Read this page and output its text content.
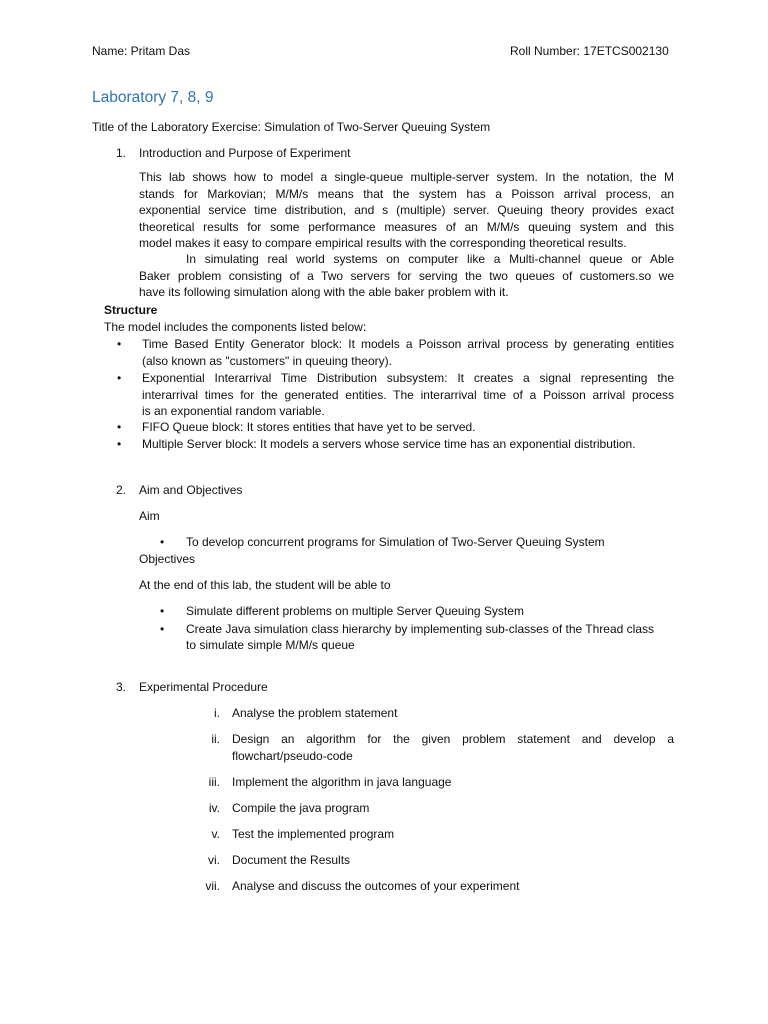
Name: Pritam Das	Roll Number: 17ETCS002130
Laboratory 7, 8, 9
Title of the Laboratory Exercise: Simulation of Two-Server Queuing System
1. Introduction and Purpose of Experiment
This lab shows how to model a single-queue multiple-server system. In the notation, the M
stands for Markovian; M/M/s means that the system has a Poisson arrival process, an
exponential service time distribution, and s (multiple) server. Queuing theory provides exact
theoretical results for some performance measures of an M/M/s queuing system and this
model makes it easy to compare empirical results with the corresponding theoretical results.
In simulating real world systems on computer like a Multi-channel queue or Able
Baker problem consisting of a Two servers for serving the two queues of customers.so we
have its following simulation along with the able baker problem with it.
Structure
The model includes the components listed below:
• Time Based Entity Generator block: It models a Poisson arrival process by generating entities
(also known as "customers" in queuing theory).
• Exponential Interarrival Time Distribution subsystem: It creates a signal representing the
interarrival times for the generated entities. The interarrival time of a Poisson arrival process
is an exponential random variable.
• FIFO Queue block: It stores entities that have yet to be served.
• Multiple Server block: It models a servers whose service time has an exponential distribution.
2. Aim and Objectives
Aim
• To develop concurrent programs for Simulation of Two-Server Queuing System
Objectives
At the end of this lab, the student will be able to
• Simulate different problems on multiple Server Queuing System
• Create Java simulation class hierarchy by implementing sub-classes of the Thread class
to simulate simple M/M/s queue
3. Experimental Procedure
i. Analyse the problem statement
ii. Design an algorithm for the given problem statement and develop a
flowchart/pseudo-code
iii. Implement the algorithm in java language
iv. Compile the java program
v. Test the implemented program
vi. Document the Results
vii. Analyse and discuss the outcomes of your experiment
